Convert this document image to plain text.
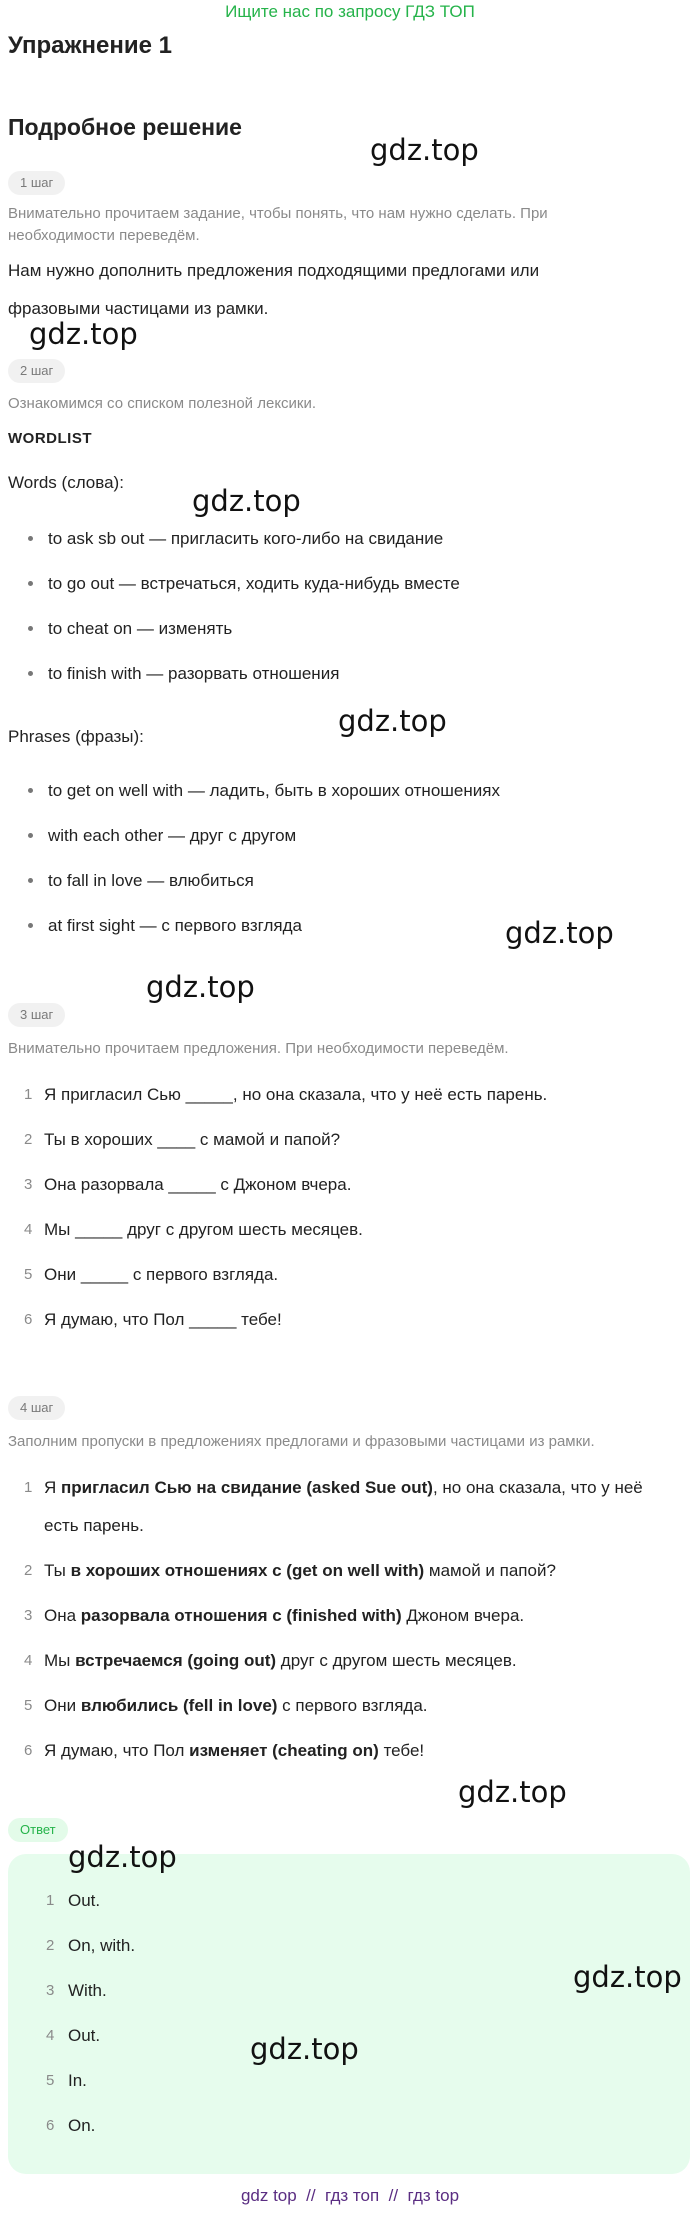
Ищите нас по запросу ГДЗ ТОП
Упражнение 1
Подробное решение
1 шаг
Внимательно прочитаем задание, чтобы понять, что нам нужно сделать. При необходимости переведём.
Нам нужно дополнить предложения подходящими предлогами или
фразовыми частицами из рамки.
2 шаг
Ознакомимся со списком полезной лексики.
WORDLIST
Words (слова):
to ask sb out — пригласить кого-либо на свидание
to go out — встречаться, ходить куда-нибудь вместе
to cheat on — изменять
to finish with — разорвать отношения
Phrases (фразы):
to get on well with — ладить, быть в хороших отношениях
with each other — друг с другом
to fall in love — влюбиться
at first sight — с первого взгляда
3 шаг
Внимательно прочитаем предложения. При необходимости переведём.
1 Я пригласил Сью _____, но она сказала, что у неё есть парень.
2 Ты в хороших ____ с мамой и папой?
3 Она разорвала _____ с Джоном вчера.
4 Мы _____ друг с другом шесть месяцев.
5 Они _____ с первого взгляда.
6 Я думаю, что Пол _____ тебе!
4 шаг
Заполним пропуски в предложениях предлогами и фразовыми частицами из рамки.
1 Я пригласил Сью на свидание (asked Sue out), но она сказала, что у неё
есть парень.
2 Ты в хороших отношениях с (get on well with) мамой и папой?
3 Она разорвала отношения с (finished with) Джоном вчера.
4 Мы встречаемся (going out) друг с другом шесть месяцев.
5 Они влюбились (fell in love) с первого взгляда.
6 Я думаю, что Пол изменяет (cheating on) тебе!
Ответ
1 Out.
2 On, with.
3 With.
4 Out.
5 In.
6 On.
gdz.top
gdz.top
gdz.top
gdz.top
gdz.top
gdz.top
gdz.top
gdz.top
gdz.top
gdz.top
gdz top  //  гдз топ  //  гдз top
